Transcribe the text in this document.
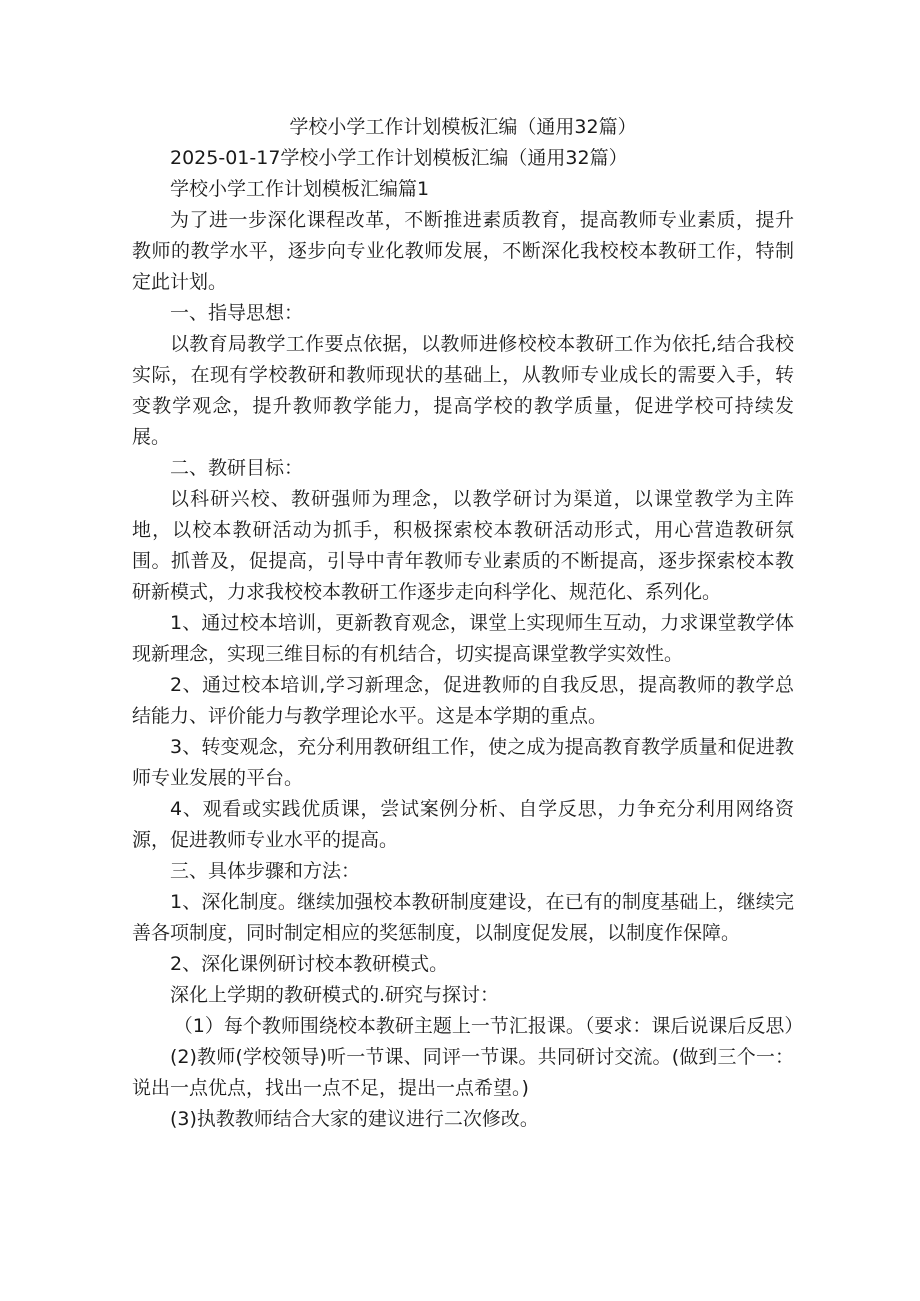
学校小学工作计划模板汇编（通用32篇）

2025-01-17学校小学工作计划模板汇编（通用32篇）

学校小学工作计划模板汇编篇1

为了进一步深化课程改革，不断推进素质教育，提高教师专业素质，提升教师的教学水平，逐步向专业化教师发展，不断深化我校校本教研工作，特制定此计划。

一、指导思想：

以教育局教学工作要点依据，以教师进修校校本教研工作为依托,结合我校实际，在现有学校教研和教师现状的基础上，从教师专业成长的需要入手，转变教学观念，提升教师教学能力，提高学校的教学质量，促进学校可持续发展。

二、教研目标：

以科研兴校、教研强师为理念，以教学研讨为渠道，以课堂教学为主阵地，以校本教研活动为抓手，积极探索校本教研活动形式，用心营造教研氛围。抓普及，促提高，引导中青年教师专业素质的不断提高，逐步探索校本教研新模式，力求我校校本教研工作逐步走向科学化、规范化、系列化。

1、通过校本培训，更新教育观念，课堂上实现师生互动，力求课堂教学体现新理念，实现三维目标的有机结合，切实提高课堂教学实效性。

2、通过校本培训,学习新理念，促进教师的自我反思，提高教师的教学总结能力、评价能力与教学理论水平。这是本学期的重点。

3、转变观念，充分利用教研组工作，使之成为提高教育教学质量和促进教师专业发展的平台。

4、观看或实践优质课，尝试案例分析、自学反思，力争充分利用网络资源，促进教师专业水平的提高。

三、具体步骤和方法：

1、深化制度。继续加强校本教研制度建设，在已有的制度基础上，继续完善各项制度，同时制定相应的奖惩制度，以制度促发展，以制度作保障。

2、深化课例研讨校本教研模式。

深化上学期的教研模式的.研究与探讨：

（1）每个教师围绕校本教研主题上一节汇报课。（要求：课后说课后反思）

(2)教师(学校领导)听一节课、同评一节课。共同研讨交流。(做到三个一：说出一点优点，找出一点不足，提出一点希望。)

(3)执教教师结合大家的建议进行二次修改。
